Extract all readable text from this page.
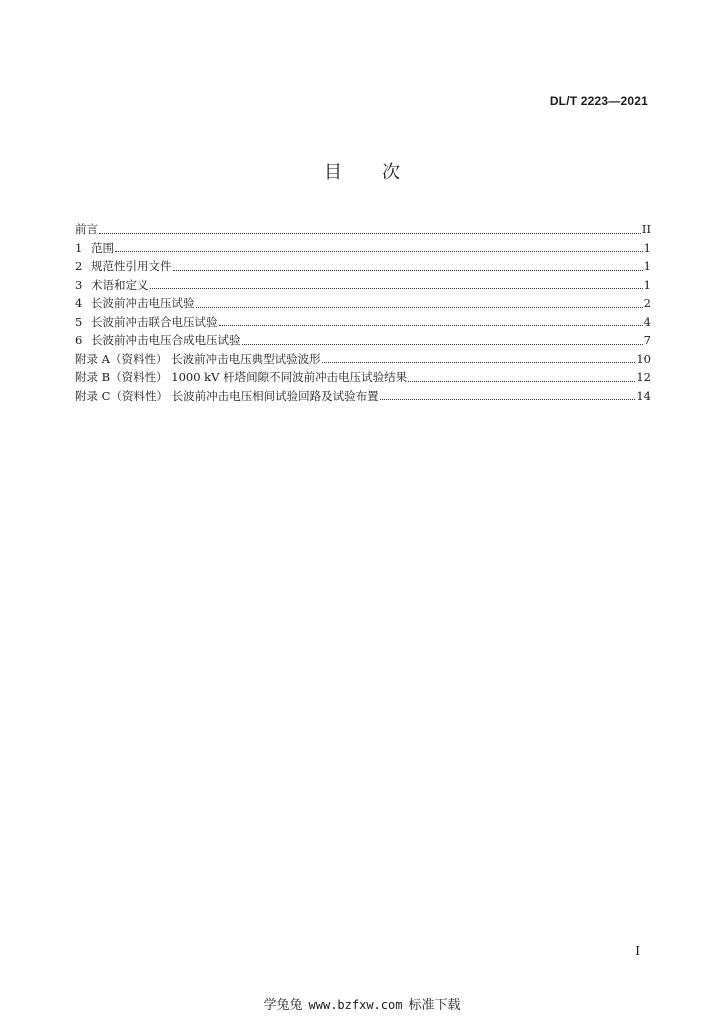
DL/T 2223—2021
目 次
前言	II
1 范围	1
2 规范性引用文件	1
3 术语和定义	1
4 长波前冲击电压试验	2
5 长波前冲击联合电压试验	4
6 长波前冲击电压合成电压试验	7
附录 A（资料性） 长波前冲击电压典型试验波形	10
附录 B（资料性） 1000 kV 杆塔间隙不同波前冲击电压试验结果	12
附录 C（资料性） 长波前冲击电压相间试验回路及试验布置	14
I
学兔兔 www.bzfxw.com 标准下载
